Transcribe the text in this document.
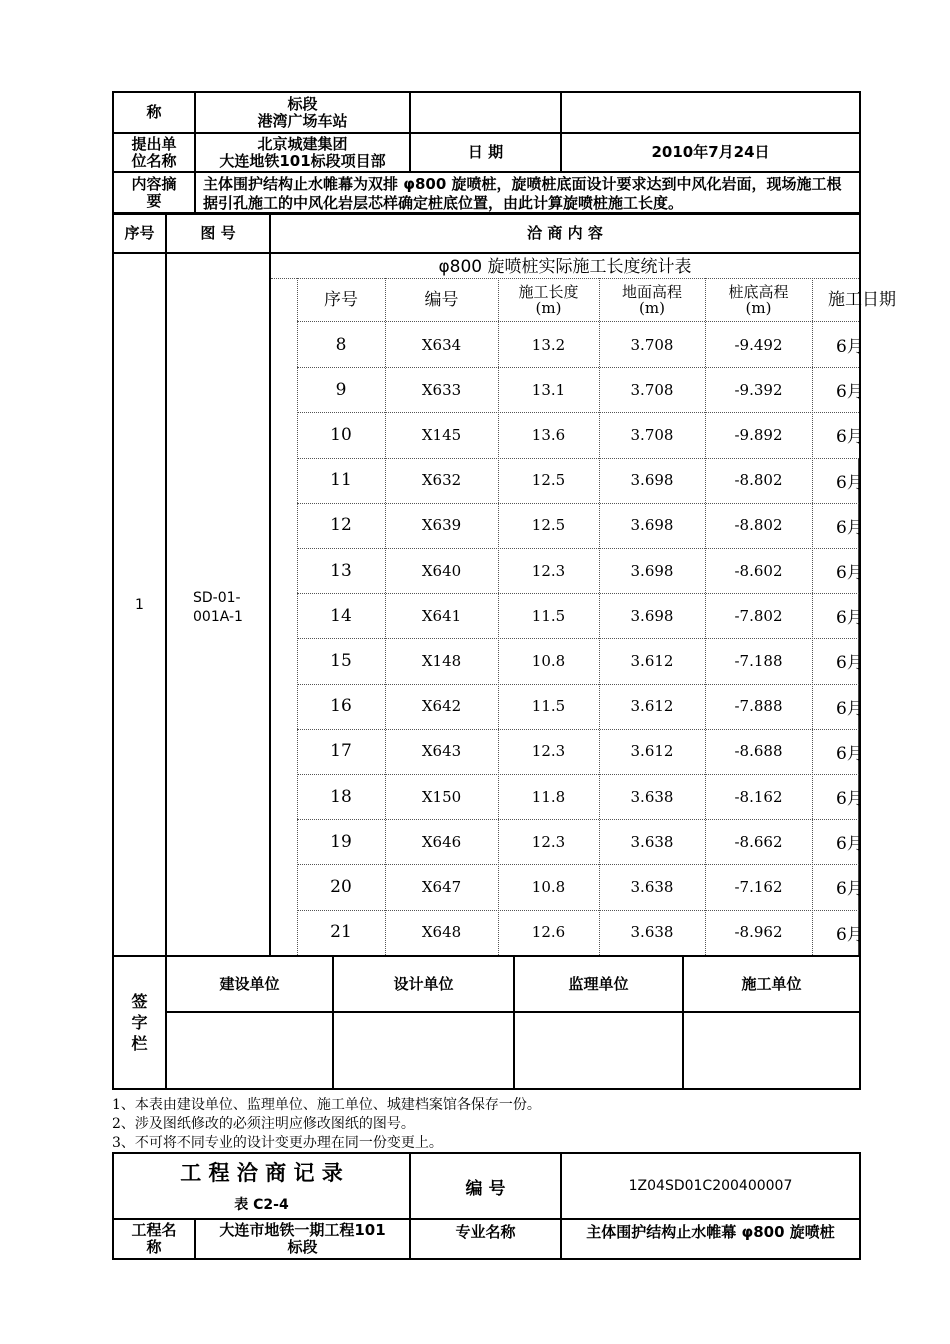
称	标段
港湾广场车站
提出单
位名称
北京城建集团
大连地铁101标段项目部	日 期	2010年7月24日
内容摘
要
主体围护结构止水帷幕为双排 φ800 旋喷桩，旋喷桩底面设计要求达到中风化岩面，现场施工根据引孔施工的中风化岩层芯样确定桩底位置，由此计算旋喷桩施工长度。
序号	图 号	洽 商 内 容
1	SD-01-
001A-1
φ800 旋喷桩实际施工长度统计表
序号	编号	施工长度
(m)
地面高程
(m)
桩底高程
(m)	施工日期
8	X634	13.2	3.708	-9.492	6月
9	X633	13.1	3.708	-9.392	6月
10	X145	13.6	3.708	-9.892	6月
11	X632	12.5	3.698	-8.802	6月
12	X639	12.5	3.698	-8.802	6月
13	X640	12.3	3.698	-8.602	6月
14	X641	11.5	3.698	-7.802	6月
15	X148	10.8	3.612	-7.188	6月
16	X642	11.5	3.612	-7.888	6月
17	X643	12.3	3.612	-8.688	6月
18	X150	11.8	3.638	-8.162	6月
19	X646	12.3	3.638	-8.662	6月
20	X647	10.8	3.638	-7.162	6月
21	X648	12.6	3.638	-8.962	6月
签
字
栏
建设单位	设计单位	监理单位	施工单位
1、本表由建设单位、监理单位、施工单位、城建档案馆各保存一份。
2、涉及图纸修改的必须注明应修改图纸的图号。
3、不可将不同专业的设计变更办理在同一份变更上。
工 程 洽 商 记 录
表 C2-4
编 号	1Z04SD01C200400007
工程名
称
大连市地铁一期工程101
标段
专业名称	主体围护结构止水帷幕 φ800 旋喷桩
